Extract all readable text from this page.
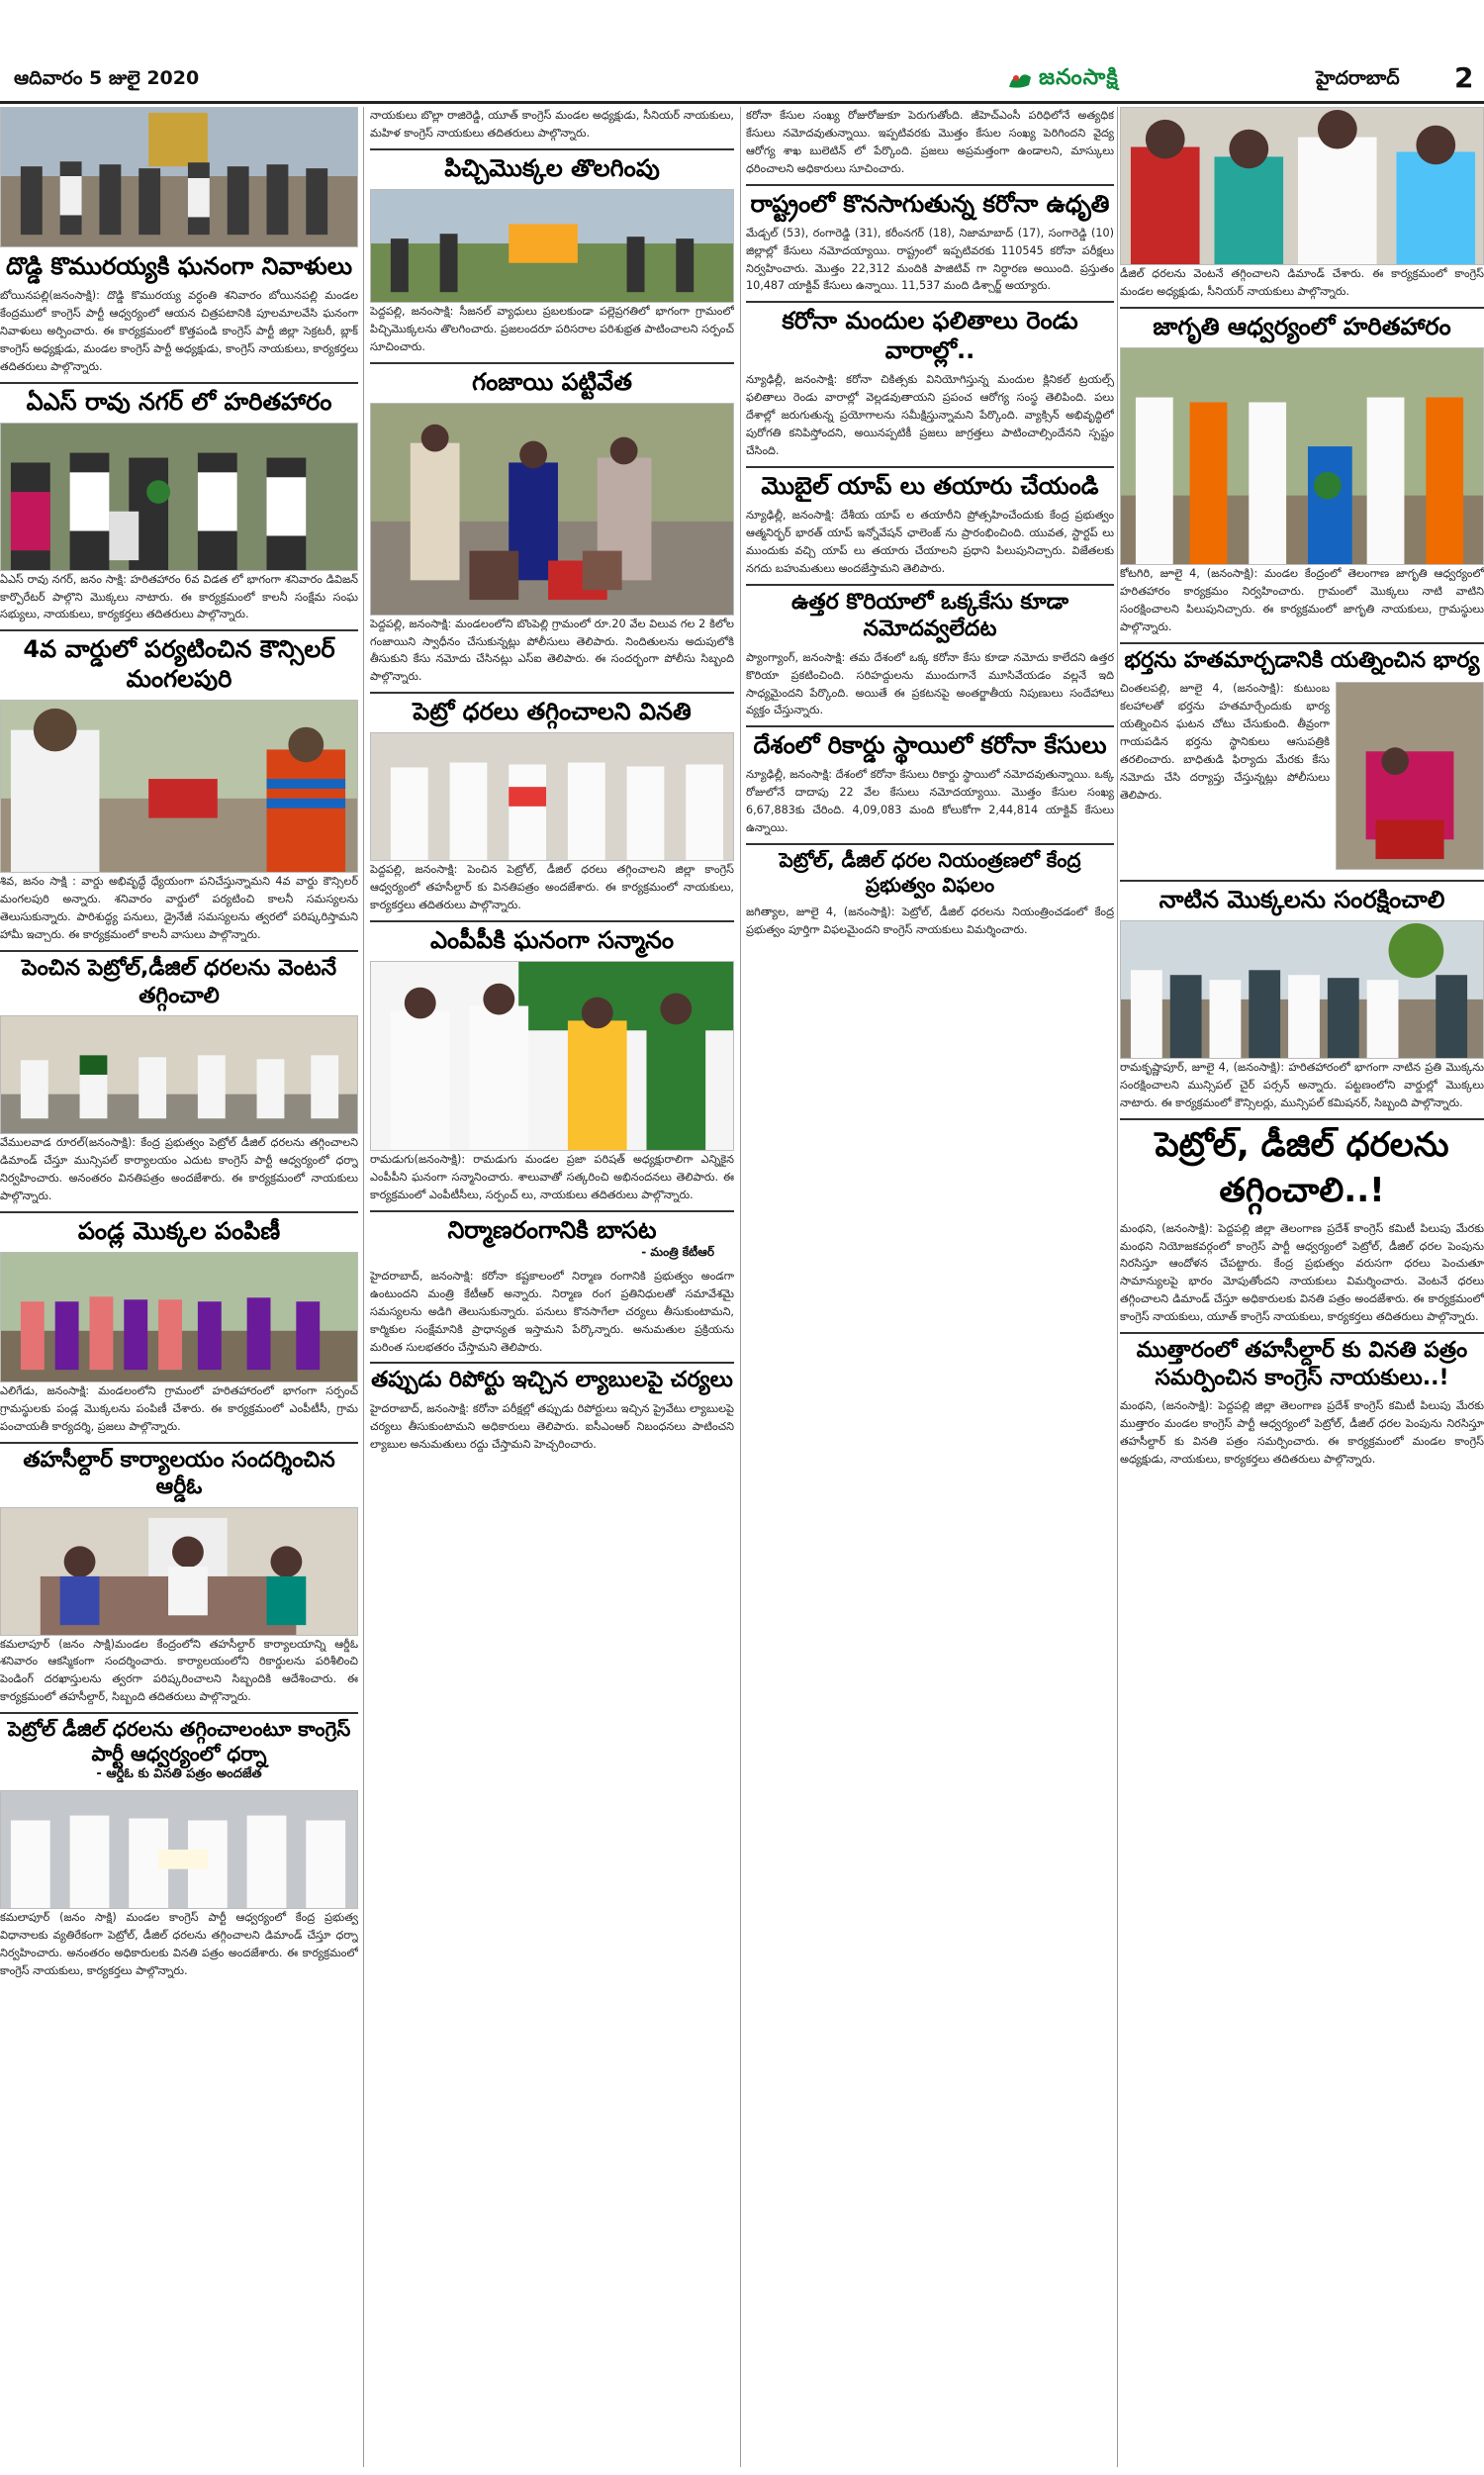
ఆదివారం 5 జులై 2020	జనంసాక్షి	హైదరాబాద్ 2
దొడ్డి కొమురయ్యకి ఘనంగా నివాళులు
బోయినపల్లి(జనంసాక్షి): దొడ్డి కొమురయ్య వర్ధంతి శనివారం బోయినపల్లి మండల కేంద్రములో కాంగ్రెస్ పార్టీ ఆధ్వర్యంలో ఆయన చిత్రపటానికి పూలమాలవేసి ఘనంగా నివాళులు అర్పించారు. ఈ కార్యక్రమంలో కొత్తపండి కాంగ్రెస్ పార్టీ జిల్లా సెక్రటరీ, బ్లాక్ కాంగ్రెస్ అధ్యక్షుడు, మండల కాంగ్రెస్ పార్టీ అధ్యక్షుడు, కాంగ్రెస్ నాయకులు, కార్యకర్తలు తదితరులు పాల్గొన్నారు.
ఏఎస్ రావు నగర్ లో హరితహారం
ఏఎస్ రావు నగర్, జనం సాక్షి: హరితహారం 6వ విడత లో భాగంగా శనివారం డివిజన్ కార్పొరేటర్ పాల్గొని మొక్కలు నాటారు. ఈ కార్యక్రమంలో కాలనీ సంక్షేమ సంఘ సభ్యులు, నాయకులు, కార్యకర్తలు తదితరులు పాల్గొన్నారు.
4వ వార్డులో పర్యటించిన కౌన్సిలర్ మంగలపురి
శివ, జనం సాక్షి : వార్డు అభివృద్ధే ధ్యేయంగా పనిచేస్తున్నామని 4వ వార్డు కౌన్సిలర్ మంగలపురి అన్నారు. శనివారం వార్డులో పర్యటించి కాలనీ సమస్యలను తెలుసుకున్నారు. పారిశుద్ధ్య పనులు, డ్రైనేజీ సమస్యలను త్వరలో పరిష్కరిస్తామని హామీ ఇచ్చారు. ఈ కార్యక్రమంలో కాలనీ వాసులు పాల్గొన్నారు.
పెంచిన పెట్రోల్,డీజిల్ ధరలను వెంటనే తగ్గించాలి
వేములవాడ రూరల్(జనంసాక్షి): కేంద్ర ప్రభుత్వం పెట్రోల్ డీజిల్ ధరలను తగ్గించాలని డిమాండ్ చేస్తూ మున్సిపల్ కార్యాలయం ఎదుట కాంగ్రెస్ పార్టీ ఆధ్వర్యంలో ధర్నా నిర్వహించారు. అనంతరం వినతిపత్రం అందజేశారు. ఈ కార్యక్రమంలో నాయకులు పాల్గొన్నారు.
పండ్ల మొక్కల పంపిణీ
ఎలిగేడు, జనంసాక్షి: మండలంలోని గ్రామంలో హరితహారంలో భాగంగా సర్పంచ్ గ్రామస్థులకు పండ్ల మొక్కలను పంపిణీ చేశారు. ఈ కార్యక్రమంలో ఎంపీటీసీ, గ్రామ పంచాయతీ కార్యదర్శి, ప్రజలు పాల్గొన్నారు.
తహసీల్దార్ కార్యాలయం సందర్శించిన ఆర్డీఓ
కమలాపూర్ (జనం సాక్షి)మండల కేంద్రంలోని తహసీల్దార్ కార్యాలయాన్ని ఆర్డీఓ శనివారం ఆకస్మికంగా సందర్శించారు. కార్యాలయంలోని రికార్డులను పరిశీలించి పెండింగ్ దరఖాస్తులను త్వరగా పరిష్కరించాలని సిబ్బందికి ఆదేశించారు. ఈ కార్యక్రమంలో తహసీల్దార్, సిబ్బంది తదితరులు పాల్గొన్నారు.
పెట్రోల్ డీజిల్ ధరలను తగ్గించాలంటూ కాంగ్రెస్ పార్టీ ఆధ్వర్యంలో ధర్నా
- ఆర్డీఓ కు వినతి పత్రం అందజేత
కమలాపూర్ (జనం సాక్షి) మండల కాంగ్రెస్ పార్టీ ఆధ్వర్యంలో కేంద్ర ప్రభుత్వ విధానాలకు వ్యతిరేకంగా పెట్రోల్, డీజిల్ ధరలను తగ్గించాలని డిమాండ్ చేస్తూ ధర్నా నిర్వహించారు. అనంతరం అధికారులకు వినతి పత్రం అందజేశారు. ఈ కార్యక్రమంలో కాంగ్రెస్ నాయకులు, కార్యకర్తలు పాల్గొన్నారు.
నాయకులు బొల్లా రాజిరెడ్డి, యూత్ కాంగ్రెస్ మండల అధ్యక్షుడు, సీనియర్ నాయకులు, మహిళ కాంగ్రెస్ నాయకులు తదితరులు పాల్గొన్నారు.
పిచ్చిమొక్కల తొలగింపు
పెద్దపల్లి, జనంసాక్షి: సీజనల్ వ్యాధులు ప్రబలకుండా పల్లెప్రగతిలో భాగంగా గ్రామంలో పిచ్చిమొక్కలను తొలగించారు. ప్రజలందరూ పరిసరాల పరిశుభ్రత పాటించాలని సర్పంచ్ సూచించారు.
గంజాయి పట్టివేత
పెద్దపల్లి, జనంసాక్షి: మండలంలోని బొంపెల్లి గ్రామంలో రూ.20 వేల విలువ గల 2 కిలోల గంజాయిని స్వాధీనం చేసుకున్నట్లు పోలీసులు తెలిపారు. నిందితులను అదుపులోకి తీసుకుని కేసు నమోదు చేసినట్లు ఎస్ఐ తెలిపారు. ఈ సందర్భంగా పోలీసు సిబ్బంది పాల్గొన్నారు.
పెట్రో ధరలు తగ్గించాలని వినతి
పెద్దపల్లి, జనంసాక్షి: పెంచిన పెట్రోల్, డీజిల్ ధరలు తగ్గించాలని జిల్లా కాంగ్రెస్ ఆధ్వర్యంలో తహసీల్దార్ కు వినతిపత్రం అందజేశారు. ఈ కార్యక్రమంలో నాయకులు, కార్యకర్తలు తదితరులు పాల్గొన్నారు.
ఎంపీపీకి ఘనంగా సన్మానం
రామడుగు(జనంసాక్షి): రామడుగు మండల ప్రజా పరిషత్ అధ్యక్షురాలిగా ఎన్నికైన ఎంపీపీని ఘనంగా సన్మానించారు. శాలువాతో సత్కరించి అభినందనలు తెలిపారు. ఈ కార్యక్రమంలో ఎంపీటీసీలు, సర్పంచ్ లు, నాయకులు తదితరులు పాల్గొన్నారు.
నిర్మాణరంగానికి బాసట
- మంత్రి కేటీఆర్
హైదరాబాద్, జనంసాక్షి: కరోనా కష్టకాలంలో నిర్మాణ రంగానికి ప్రభుత్వం అండగా ఉంటుందని మంత్రి కేటీఆర్ అన్నారు. నిర్మాణ రంగ ప్రతినిధులతో సమావేశమై సమస్యలను అడిగి తెలుసుకున్నారు. పనులు కొనసాగేలా చర్యలు తీసుకుంటామని, కార్మికుల సంక్షేమానికి ప్రాధాన్యత ఇస్తామని పేర్కొన్నారు. అనుమతుల ప్రక్రియను మరింత సులభతరం చేస్తామని తెలిపారు.
తప్పుడు రిపోర్టు ఇచ్చిన ల్యాబులపై చర్యలు
హైదరాబాద్, జనంసాక్షి: కరోనా పరీక్షల్లో తప్పుడు రిపోర్టులు ఇచ్చిన ప్రైవేటు ల్యాబులపై చర్యలు తీసుకుంటామని అధికారులు తెలిపారు. ఐసీఎంఆర్ నిబంధనలు పాటించని ల్యాబుల అనుమతులు రద్దు చేస్తామని హెచ్చరించారు.
కరోనా కేసుల సంఖ్య రోజురోజుకూ పెరుగుతోంది. జీహెచ్ఎంసీ పరిధిలోనే అత్యధిక కేసులు నమోదవుతున్నాయి. ఇప్పటివరకు మొత్తం కేసుల సంఖ్య పెరిగిందని వైద్య ఆరోగ్య శాఖ బులెటిన్ లో పేర్కొంది. ప్రజలు అప్రమత్తంగా ఉండాలని, మాస్కులు ధరించాలని అధికారులు సూచించారు.
రాష్ట్రంలో కొనసాగుతున్న కరోనా ఉధృతి
మేడ్చల్ (53), రంగారెడ్డి (31), కరీంనగర్ (18), నిజామాబాద్ (17), సంగారెడ్డి (10) జిల్లాల్లో కేసులు నమోదయ్యాయి. రాష్ట్రంలో ఇప్పటివరకు 110545 కరోనా పరీక్షలు నిర్వహించారు. మొత్తం 22,312 మందికి పాజిటివ్ గా నిర్ధారణ అయింది. ప్రస్తుతం 10,487 యాక్టివ్ కేసులు ఉన్నాయి. 11,537 మంది డిశ్చార్జ్ అయ్యారు.
కరోనా మందుల ఫలితాలు రెండు వారాల్లో..
న్యూఢిల్లీ, జనంసాక్షి: కరోనా చికిత్సకు వినియోగిస్తున్న మందుల క్లినికల్ ట్రయల్స్ ఫలితాలు రెండు వారాల్లో వెల్లడవుతాయని ప్రపంచ ఆరోగ్య సంస్థ తెలిపింది. పలు దేశాల్లో జరుగుతున్న ప్రయోగాలను సమీక్షిస్తున్నామని పేర్కొంది. వ్యాక్సిన్ అభివృద్ధిలో పురోగతి కనిపిస్తోందని, అయినప్పటికీ ప్రజలు జాగ్రత్తలు పాటించాల్సిందేనని స్పష్టం చేసింది.
మొబైల్ యాప్ లు తయారు చేయండి
న్యూఢిల్లీ, జనంసాక్షి: దేశీయ యాప్ ల తయారీని ప్రోత్సహించేందుకు కేంద్ర ప్రభుత్వం ఆత్మనిర్భర్ భారత్ యాప్ ఇన్నోవేషన్ ఛాలెంజ్ ను ప్రారంభించింది. యువత, స్టార్టప్ లు ముందుకు వచ్చి యాప్ లు తయారు చేయాలని ప్రధాని పిలుపునిచ్చారు. విజేతలకు నగదు బహుమతులు అందజేస్తామని తెలిపారు.
ఉత్తర కొరియాలో ఒక్కకేసు కూడా నమోదవ్వలేదట
ప్యాంగ్యాంగ్, జనంసాక్షి: తమ దేశంలో ఒక్క కరోనా కేసు కూడా నమోదు కాలేదని ఉత్తర కొరియా ప్రకటించింది. సరిహద్దులను ముందుగానే మూసివేయడం వల్లనే ఇది సాధ్యమైందని పేర్కొంది. అయితే ఈ ప్రకటనపై అంతర్జాతీయ నిపుణులు సందేహాలు వ్యక్తం చేస్తున్నారు.
దేశంలో రికార్డు స్థాయిలో కరోనా కేసులు
న్యూఢిల్లీ, జనంసాక్షి: దేశంలో కరోనా కేసులు రికార్డు స్థాయిలో నమోదవుతున్నాయి. ఒక్క రోజులోనే దాదాపు 22 వేల కేసులు నమోదయ్యాయి. మొత్తం కేసుల సంఖ్య 6,67,883కు చేరింది. 4,09,083 మంది కోలుకోగా 2,44,814 యాక్టివ్ కేసులు ఉన్నాయి.
పెట్రోల్, డీజిల్ ధరల నియంత్రణలో కేంద్ర ప్రభుత్వం విఫలం
జగిత్యాల, జూలై 4, (జనంసాక్షి): పెట్రోల్, డీజిల్ ధరలను నియంత్రించడంలో కేంద్ర ప్రభుత్వం పూర్తిగా విఫలమైందని కాంగ్రెస్ నాయకులు విమర్శించారు.
డీజిల్ ధరలను వెంటనే తగ్గించాలని డిమాండ్ చేశారు. ఈ కార్యక్రమంలో కాంగ్రెస్ మండల అధ్యక్షుడు, సీనియర్ నాయకులు పాల్గొన్నారు.
జాగృతి ఆధ్వర్యంలో హరితహారం
కోటగిరి, జూలై 4, (జనంసాక్షి): మండల కేంద్రంలో తెలంగాణ జాగృతి ఆధ్వర్యంలో హరితహారం కార్యక్రమం నిర్వహించారు. గ్రామంలో మొక్కలు నాటి వాటిని సంరక్షించాలని పిలుపునిచ్చారు. ఈ కార్యక్రమంలో జాగృతి నాయకులు, గ్రామస్థులు పాల్గొన్నారు.
భర్తను హతమార్చడానికి యత్నించిన భార్య
చింతలపల్లి, జూలై 4, (జనంసాక్షి): కుటుంబ కలహాలతో భర్తను హతమార్చేందుకు భార్య యత్నించిన ఘటన చోటు చేసుకుంది. తీవ్రంగా గాయపడిన భర్తను స్థానికులు ఆసుపత్రికి తరలించారు. బాధితుడి ఫిర్యాదు మేరకు కేసు నమోదు చేసి దర్యాప్తు చేస్తున్నట్లు పోలీసులు తెలిపారు.
నాటిన మొక్కలను సంరక్షించాలి
రామకృష్ణాపూర్, జూలై 4, (జనంసాక్షి): హరితహారంలో భాగంగా నాటిన ప్రతి మొక్కను సంరక్షించాలని మున్సిపల్ చైర్ పర్సన్ అన్నారు. పట్టణంలోని వార్డుల్లో మొక్కలు నాటారు. ఈ కార్యక్రమంలో కౌన్సిలర్లు, మున్సిపల్ కమిషనర్, సిబ్బంది పాల్గొన్నారు.
పెట్రోల్, డీజిల్ ధరలను తగ్గించాలి..!
మంథని, (జనంసాక్షి): పెద్దపల్లి జిల్లా తెలంగాణ ప్రదేశ్ కాంగ్రెస్ కమిటీ పిలుపు మేరకు మంథని నియోజకవర్గంలో కాంగ్రెస్ పార్టీ ఆధ్వర్యంలో పెట్రోల్, డీజిల్ ధరల పెంపును నిరసిస్తూ ఆందోళన చేపట్టారు. కేంద్ర ప్రభుత్వం వరుసగా ధరలు పెంచుతూ సామాన్యులపై భారం మోపుతోందని నాయకులు విమర్శించారు. వెంటనే ధరలు తగ్గించాలని డిమాండ్ చేస్తూ అధికారులకు వినతి పత్రం అందజేశారు. ఈ కార్యక్రమంలో కాంగ్రెస్ నాయకులు, యూత్ కాంగ్రెస్ నాయకులు, కార్యకర్తలు తదితరులు పాల్గొన్నారు.
ముత్తారంలో తహసీల్దార్ కు వినతి పత్రం సమర్పించిన కాంగ్రెస్ నాయకులు..!
మంథని, (జనంసాక్షి): పెద్దపల్లి జిల్లా తెలంగాణ ప్రదేశ్ కాంగ్రెస్ కమిటీ పిలుపు మేరకు ముత్తారం మండల కాంగ్రెస్ పార్టీ ఆధ్వర్యంలో పెట్రోల్, డీజిల్ ధరల పెంపును నిరసిస్తూ తహసీల్దార్ కు వినతి పత్రం సమర్పించారు. ఈ కార్యక్రమంలో మండల కాంగ్రెస్ అధ్యక్షుడు, నాయకులు, కార్యకర్తలు తదితరులు పాల్గొన్నారు.
